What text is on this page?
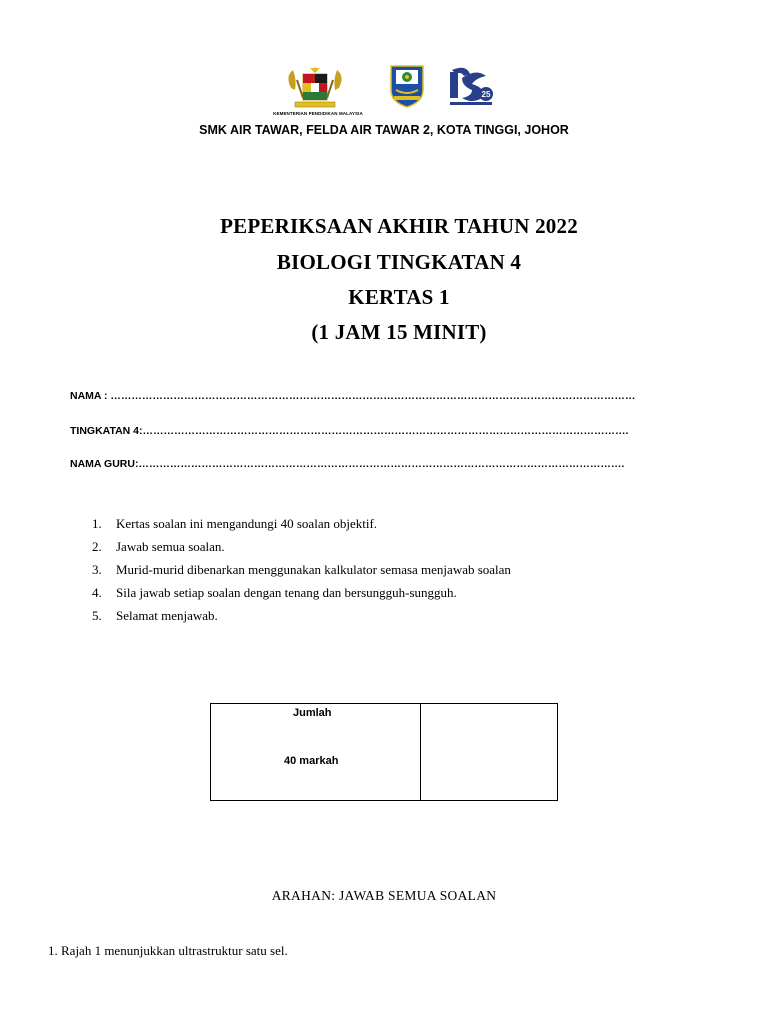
KEMENTERIAN PENDIDIKAN MALAYSIA
25
SMK AIR TAWAR, FELDA AIR TAWAR 2, KOTA TINGGI, JOHOR
PEPERIKSAAN AKHIR TAHUN 2022
BIOLOGI TINGKATAN 4
KERTAS 1
(1 JAM 15 MINIT)
NAMA : ……………………………………………………………………………………………………………………………………
TINGKATAN 4:………………………………………………………………………………………………………………………….
NAMA GURU:………………………………………………………………………………………………………………………….
1. Kertas soalan ini mengandungi 40 soalan objektif.
2. Jawab semua soalan.
3. Murid-murid dibenarkan menggunakan kalkulator semasa menjawab soalan
4. Sila jawab setiap soalan dengan tenang dan bersungguh-sungguh.
5. Selamat menjawab.
Jumlah
40 markah
ARAHAN: JAWAB SEMUA SOALAN
1. Rajah 1 menunjukkan ultrastruktur satu sel.
